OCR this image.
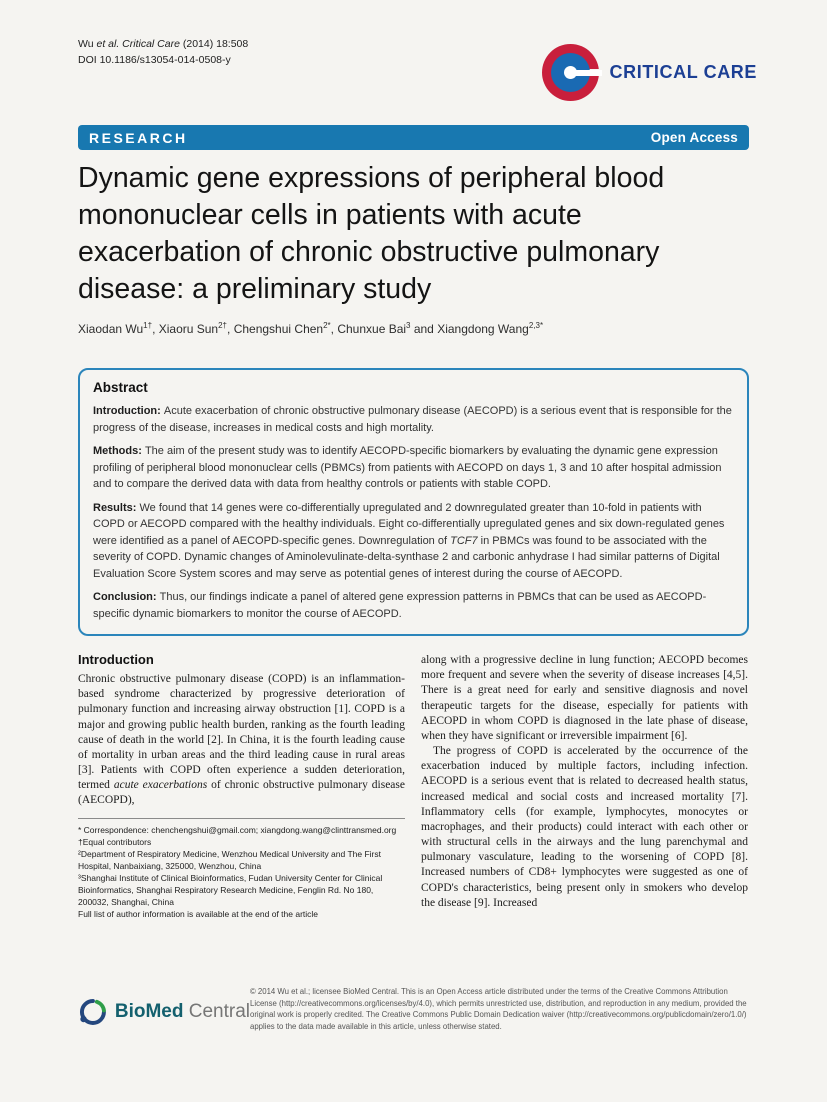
Wu et al. Critical Care (2014) 18:508
DOI 10.1186/s13054-014-0508-y
CRITICAL CARE
RESEARCH	Open Access
Dynamic gene expressions of peripheral blood mononuclear cells in patients with acute exacerbation of chronic obstructive pulmonary disease: a preliminary study
Xiaodan $Wu^{1\dagger}$, Xiaoru Sun$^{2\dagger}$, Chengshui Chen$^{2*}$, Chunxue Bai$^3$ and Xiangdong Wang$^{2,3*}$
Abstract

Introduction: Acute exacerbation of chronic obstructive pulmonary disease (AECOPD) is a serious event that is responsible for the progress of the disease, increases in medical costs and high mortality.

Methods: The aim of the present study was to identify AECOPD-specific biomarkers by evaluating the dynamic gene expression profiling of peripheral blood mononuclear cells (PBMCs) from patients with AECOPD on days 1, 3 and 10 after hospital admission and to compare the derived data with data from healthy controls or patients with stable COPD.

Results: We found that 14 genes were co-differentially upregulated and 2 downregulated greater than 10-fold in patients with COPD or AECOPD compared with the healthy individuals. Eight co-differentially upregulated genes and six down-regulated genes were identified as a panel of AECOPD-specific genes. Downregulation of TCF7 in PBMCs was found to be associated with the severity of COPD. Dynamic changes of Aminolevulinate-delta-synthase 2 and carbonic anhydrase I had similar patterns of Digital Evaluation Score System scores and may serve as potential genes of interest during the course of AECOPD.

Conclusion: Thus, our findings indicate a panel of altered gene expression patterns in PBMCs that can be used as AECOPD-specific dynamic biomarkers to monitor the course of AECOPD.

Introduction

Chronic obstructive pulmonary disease (COPD) is an inflammation-based syndrome characterized by progressive deterioration of pulmonary function and increasing airway obstruction [1]. COPD is a major and growing public health burden, ranking as the fourth leading cause of death in the world [2]. In China, it is the fourth leading cause of mortality in urban areas and the third leading cause in rural areas [3]. Patients with COPD often experience a sudden deterioration, termed acute exacerbations of chronic obstructive pulmonary disease (AECOPD),

* Correspondence: chenchengshui@gmail.com; xiangdong.wang@clinttransmed.org
†Equal contributors
²Department of Respiratory Medicine, Wenzhou Medical University and The First Hospital, Nanbaixiang, 325000, Wenzhou, China
³Shanghai Institute of Clinical Bioinformatics, Fudan University Center for Clinical Bioinformatics, Shanghai Respiratory Research Medicine, Fenglin Rd. No 180, 200032, Shanghai, China
Full list of author information is available at the end of the article

along with a progressive decline in lung function; AECOPD becomes more frequent and severe when the severity of disease increases [4,5]. There is a great need for early and sensitive diagnosis and novel therapeutic targets for the disease, especially for patients with AECOPD in whom COPD is diagnosed in the late phase of disease, when they have significant or irreversible impairment [6].

The progress of COPD is accelerated by the occurrence of the exacerbation induced by multiple factors, including infection. AECOPD is a serious event that is related to decreased health status, increased medical and social costs and increased mortality [7]. Inflammatory cells (for example, lymphocytes, monocytes or macrophages, and their products) could interact with each other or with structural cells in the airways and the lung parenchymal and pulmonary vasculature, leading to the worsening of COPD [8]. Increased numbers of CD8+ lymphocytes were suggested as one of COPD's characteristics, being present only in smokers who develop the disease [9]. Increased

BioMed Central
© 2014 Wu et al.; licensee BioMed Central. This is an Open Access article distributed under the terms of the Creative Commons Attribution License (http://creativecommons.org/licenses/by/4.0), which permits unrestricted use, distribution, and reproduction in any medium, provided the original work is properly credited. The Creative Commons Public Domain Dedication waiver (http://creativecommons.org/publicdomain/zero/1.0/) applies to the data made available in this article, unless otherwise stated.
